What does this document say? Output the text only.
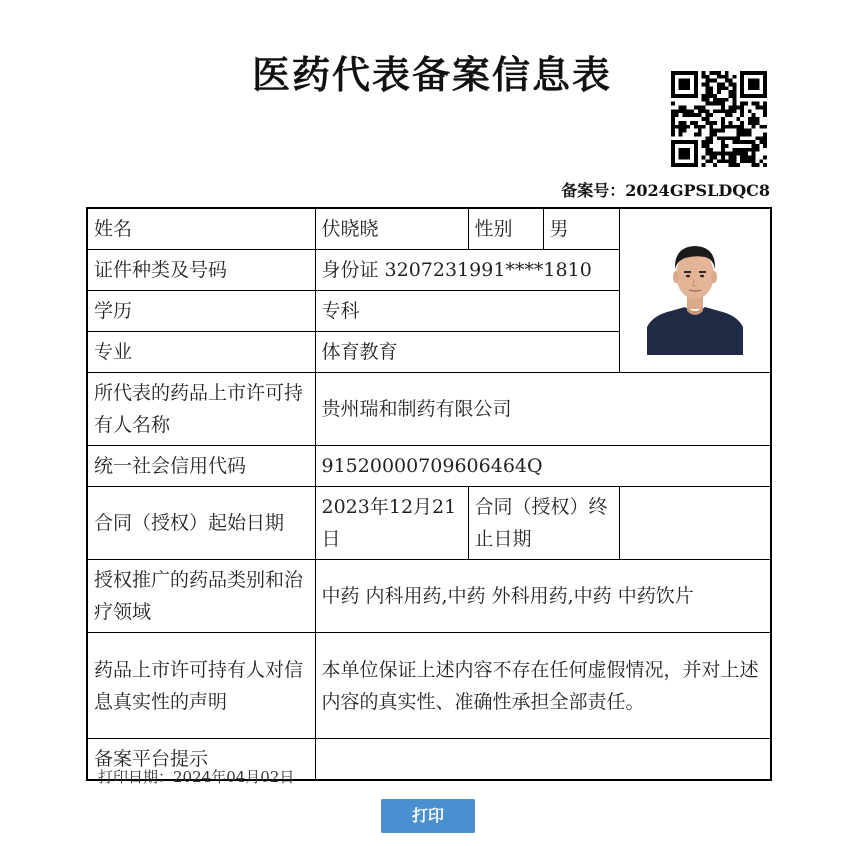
医药代表备案信息表
备案号：2024GPSLDQC8
姓名	伏晓晓	性别	男	

证件种类及号码	身份证 3207231991****1810			
学历	专科			
专业	体育教育			
所代表的药品上市许可持有人名称	贵州瑞和制药有限公司			
统一社会信用代码	91520000709606464Q			
合同（授权）起始日期	2023年12月21日	合同（授权）终止日期		
授权推广的药品类别和治疗领域	中药 内科用药,中药 外科用药,中药 中药饮片			
药品上市许可持有人对信息真实性的声明	本单位保证上述内容不存在任何虚假情况，并对上述内容的真实性、准确性承担全部责任。			
备案平台提示				
打印日期：2024年04月02日
打印
